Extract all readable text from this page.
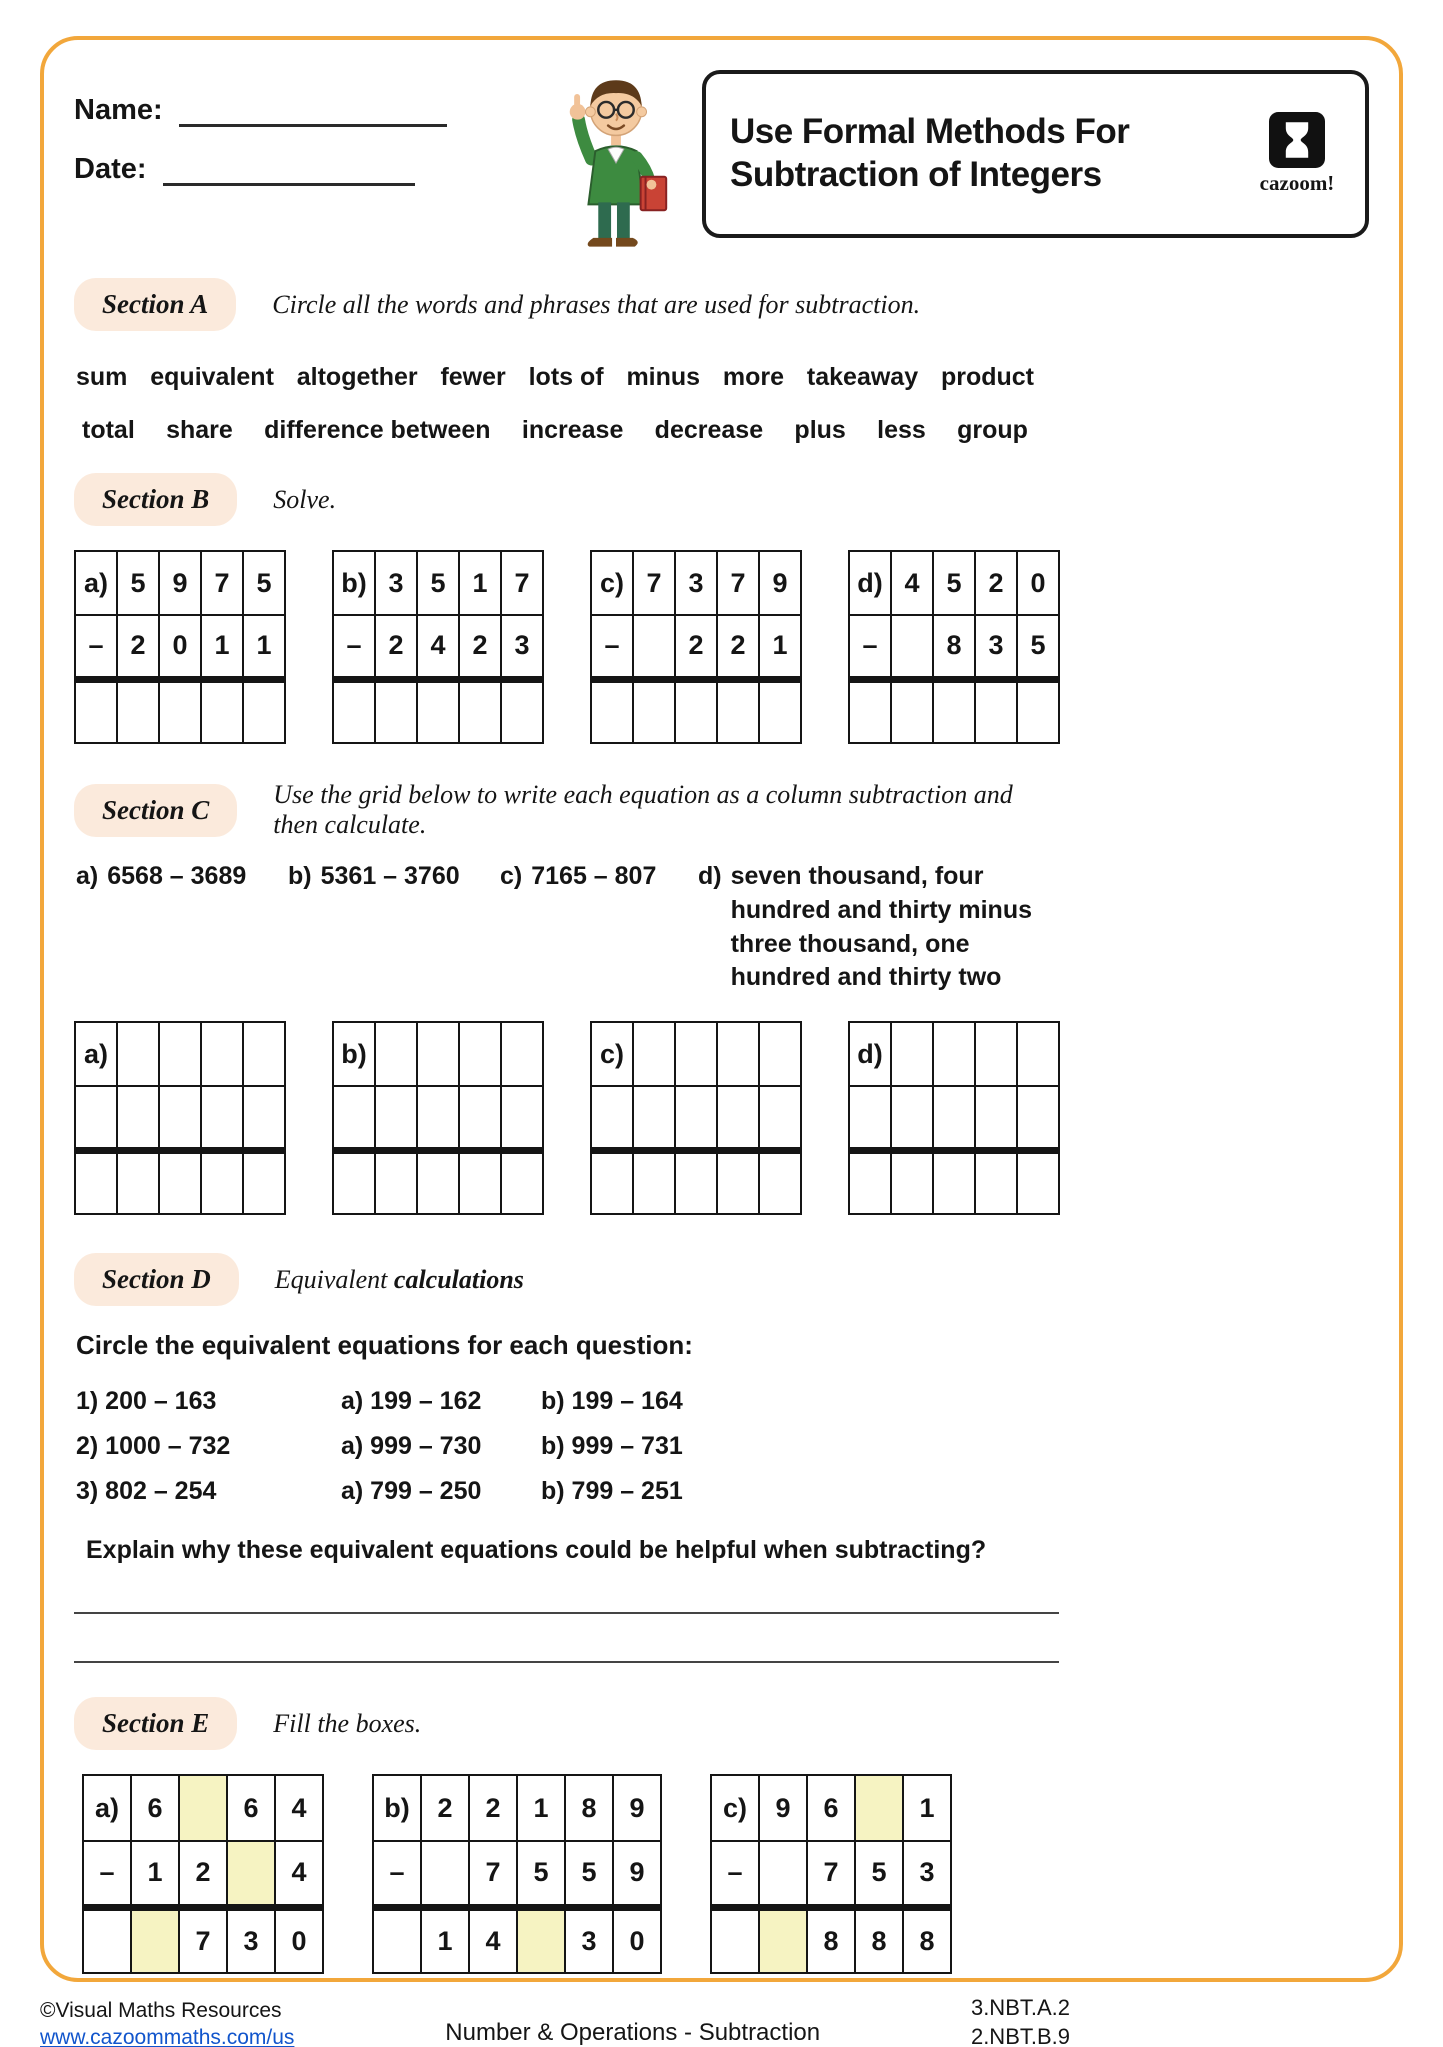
Name:
Date:
Use Formal Methods For
Subtraction of Integers	cazoom!
Section A	Circle all the words and phrases that are used for subtraction.
sum equivalent altogether fewer lots of minus more takeaway product
total share difference between increase decrease plus less group
Section B	Solve.
a)	5	9	7	5
–	2	0	1	1

b)	3	5	1	7
–	2	4	2	3

c)	7	3	7	9
–		2	2	1

d)	4	5	2	0
–		8	3	5

Section C	Use the grid below to write each equation as a column subtraction and then calculate.
a) 6568 – 3689 b) 5361 – 3760 c) 7165 – 807 d) seven thousand, four hundred and thirty minus three thousand, one hundred and thirty two
a)				

					b)				

					c)				

					d)				

Section D	Equivalent calculations
Circle the equivalent equations for each question:
1) 200 – 163	a) 199 – 162	b) 199 – 164
2) 1000 – 732	a) 999 – 730	b) 999 – 731
3) 802 – 254	a) 799 – 250	b) 799 – 251
Explain why these equivalent equations could be helpful when subtracting?
Section E	Fill the boxes.
a)	6		6	4
–	1	2		4
		7	3	0
b)	2	2	1	8	9
–		7	5	5	9
	1	4		3	0
c)	9	6		1
–		7	5	3
		8	8	8
©Visual Maths Resources
www.cazoommaths.com/us	Number & Operations - Subtraction
3.NBT.A.2
2.NBT.B.9
